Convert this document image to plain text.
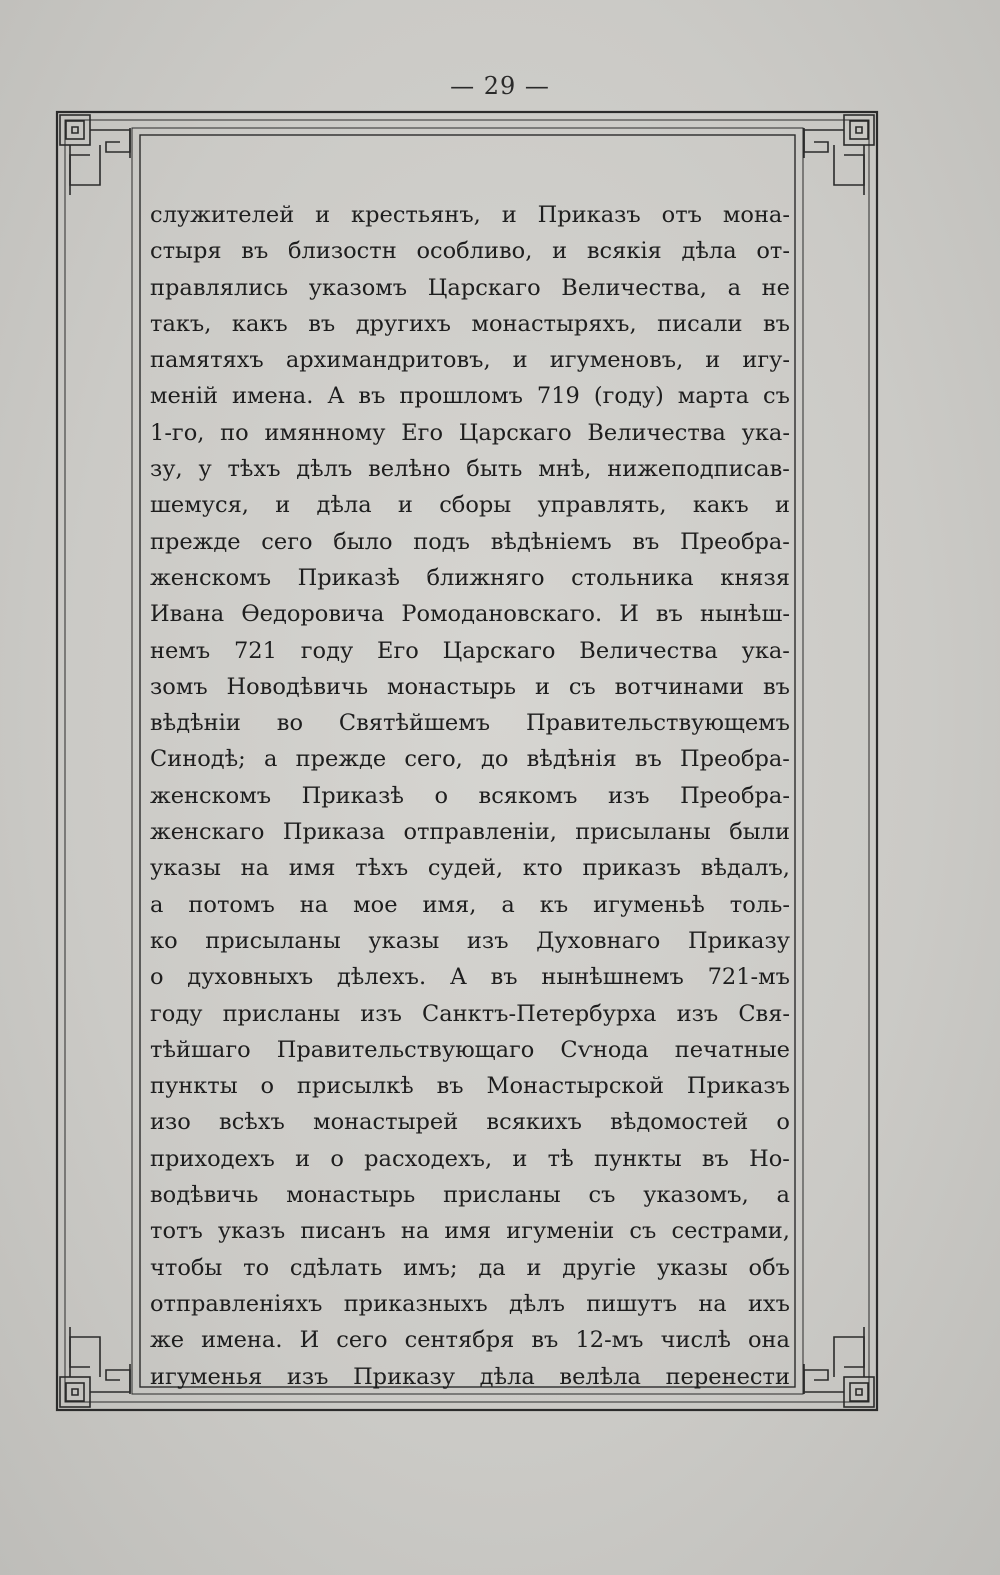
— 29 —
служителей и крестьянъ, и Приказъ отъ мона-
стыря въ близостн особливо, и всякія дѣла от-
правлялись указомъ Царскаго Величества, а не
такъ, какъ въ другихъ монастыряхъ, писали въ
памятяхъ архимандритовъ, и игуменовъ, и игу-
меній имена. А въ прошломъ 719 (году) марта съ
1-го, по имянному Его Царскаго Величества ука-
зу, у тѣхъ дѣлъ велѣно быть мнѣ, нижеподписав-
шемуся, и дѣла и сборы управлять, какъ и
прежде сего было подъ вѣдѣніемъ въ Преобра-
женскомъ Приказѣ ближняго стольника князя
Ивана Ѳедоровича Ромодановскаго. И въ нынѣш-
немъ 721 году Его Царскаго Величества ука-
зомъ Новодѣвичь монастырь и съ вотчинами въ
вѣдѣніи во Святѣйшемъ Правительствующемъ
Синодѣ; а прежде сего, до вѣдѣнія въ Преобра-
женскомъ Приказѣ о всякомъ изъ Преобра-
женскаго Приказа отправленіи, присыланы были
указы на имя тѣхъ судей, кто приказъ вѣдалъ,
а потомъ на мое имя, а къ игуменьѣ толь-
ко присыланы указы изъ Духовнаго Приказу
о духовныхъ дѣлехъ. А въ нынѣшнемъ 721-мъ
году присланы изъ Санктъ-Петербурха изъ Свя-
тѣйшаго Правительствующаго Сѵнода печатные
пункты о присылкѣ въ Монастырской Приказъ
изо всѣхъ монастырей всякихъ вѣдомостей о
приходехъ и о расходехъ, и тѣ пункты въ Но-
водѣвичь монастырь присланы съ указомъ, а
тотъ указъ писанъ на имя игуменіи съ сестрами,
чтобы то сдѣлать имъ; да и другіе указы объ
отправленіяхъ приказныхъ дѣлъ пишутъ на ихъ
же имена. И сего сентября въ 12-мъ числѣ она
игуменья изъ Приказу дѣла велѣла перенести
